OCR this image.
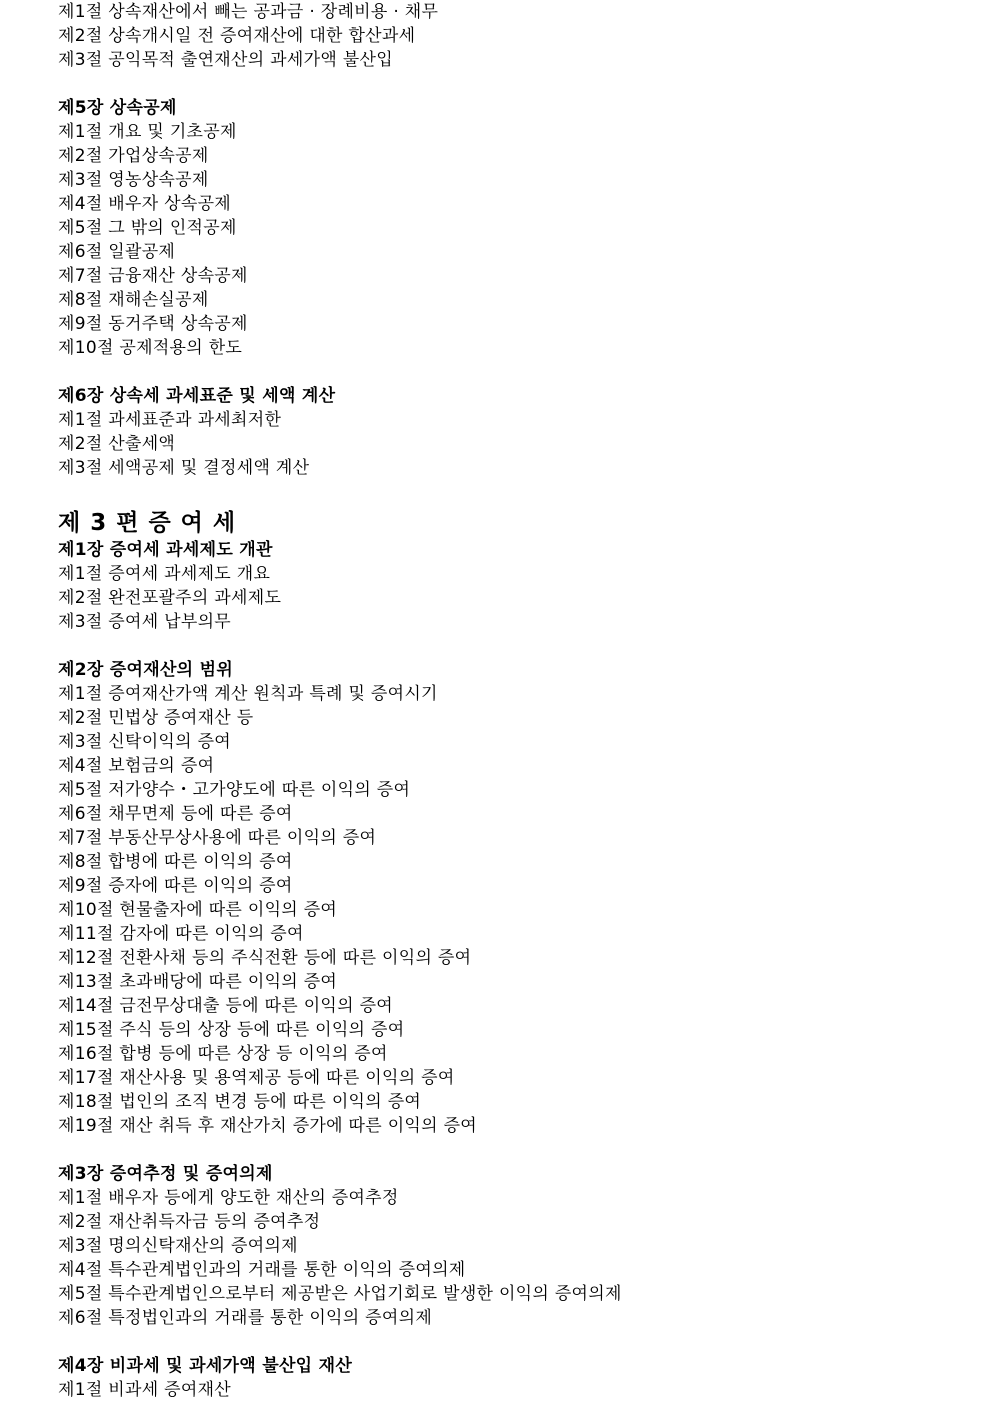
제1절 상속재산에서 빼는 공과금 · 장례비용 · 채무
제2절 상속개시일 전 증여재산에 대한 합산과세
제3절 공익목적 출연재산의 과세가액 불산입
제5장 상속공제
제1절 개요 및 기초공제
제2절 가업상속공제
제3절 영농상속공제
제4절 배우자 상속공제
제5절 그 밖의 인적공제
제6절 일괄공제
제7절 금융재산 상속공제
제8절 재해손실공제
제9절 동거주택 상속공제
제10절 공제적용의 한도
제6장 상속세 과세표준 및 세액 계산
제1절 과세표준과 과세최저한
제2절 산출세액
제3절 세액공제 및 결정세액 계산
제 3 편 증 여 세
제1장 증여세 과세제도 개관
제1절 증여세 과세제도 개요
제2절 완전포괄주의 과세제도
제3절 증여세 납부의무
제2장 증여재산의 범위
제1절 증여재산가액 계산 원칙과 특례 및 증여시기
제2절 민법상 증여재산 등
제3절 신탁이익의 증여
제4절 보험금의 증여
제5절 저가양수・고가양도에 따른 이익의 증여
제6절 채무면제 등에 따른 증여
제7절 부동산무상사용에 따른 이익의 증여
제8절 합병에 따른 이익의 증여
제9절 증자에 따른 이익의 증여
제10절 현물출자에 따른 이익의 증여
제11절 감자에 따른 이익의 증여
제12절 전환사채 등의 주식전환 등에 따른 이익의 증여
제13절 초과배당에 따른 이익의 증여
제14절 금전무상대출 등에 따른 이익의 증여
제15절 주식 등의 상장 등에 따른 이익의 증여
제16절 합병 등에 따른 상장 등 이익의 증여
제17절 재산사용 및 용역제공 등에 따른 이익의 증여
제18절 법인의 조직 변경 등에 따른 이익의 증여
제19절 재산 취득 후 재산가치 증가에 따른 이익의 증여
제3장 증여추정 및 증여의제
제1절 배우자 등에게 양도한 재산의 증여추정
제2절 재산취득자금 등의 증여추정
제3절 명의신탁재산의 증여의제
제4절 특수관계법인과의 거래를 통한 이익의 증여의제
제5절 특수관계법인으로부터 제공받은 사업기회로 발생한 이익의 증여의제
제6절 특정법인과의 거래를 통한 이익의 증여의제
제4장 비과세 및 과세가액 불산입 재산
제1절 비과세 증여재산
